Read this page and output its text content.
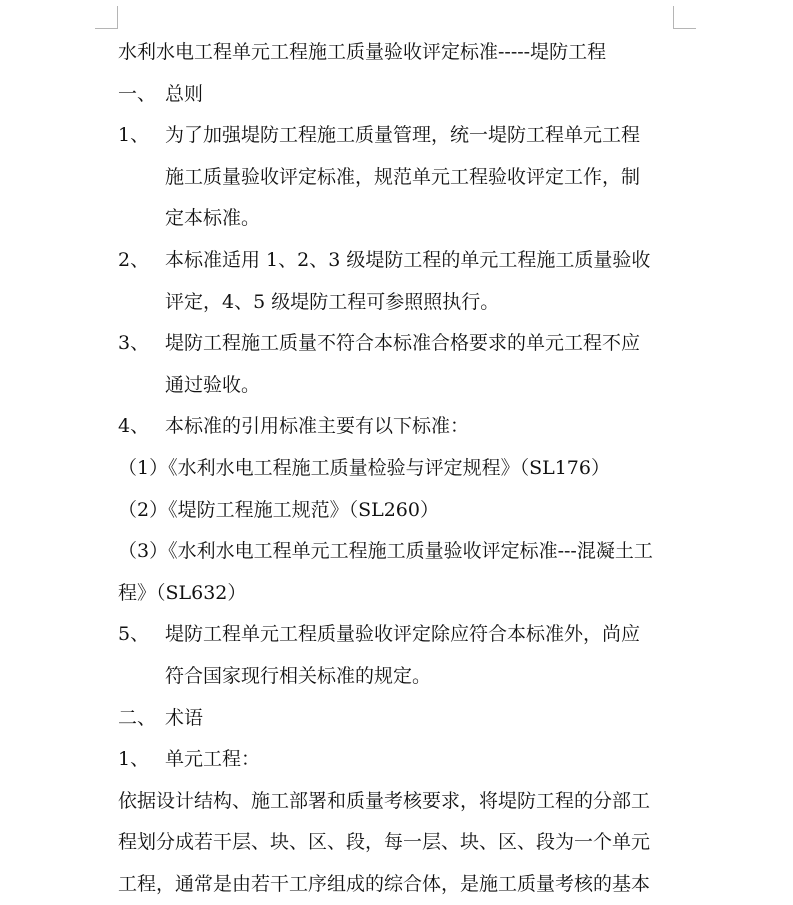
水利水电工程单元工程施工质量验收评定标准-----堤防工程
一、 总则
1、 为了加强堤防工程施工质量管理，统一堤防工程单元工程
施工质量验收评定标准，规范单元工程验收评定工作，制
定本标准。
2、 本标准适用 1、2、3 级堤防工程的单元工程施工质量验收
评定，4、5 级堤防工程可参照照执行。
3、 堤防工程施工质量不符合本标准合格要求的单元工程不应
通过验收。
4、 本标准的引用标准主要有以下标准：
（1）《水利水电工程施工质量检验与评定规程》（SL176）
（2）《堤防工程施工规范》（SL260）
（3）《水利水电工程单元工程施工质量验收评定标准---混凝土工
程》（SL632）
5、 堤防工程单元工程质量验收评定除应符合本标准外，尚应
符合国家现行相关标准的规定。
二、 术语
1、 单元工程：
依据设计结构、施工部署和质量考核要求，将堤防工程的分部工
程划分成若干层、块、区、段，每一层、块、区、段为一个单元
工程，通常是由若干工序组成的综合体，是施工质量考核的基本
